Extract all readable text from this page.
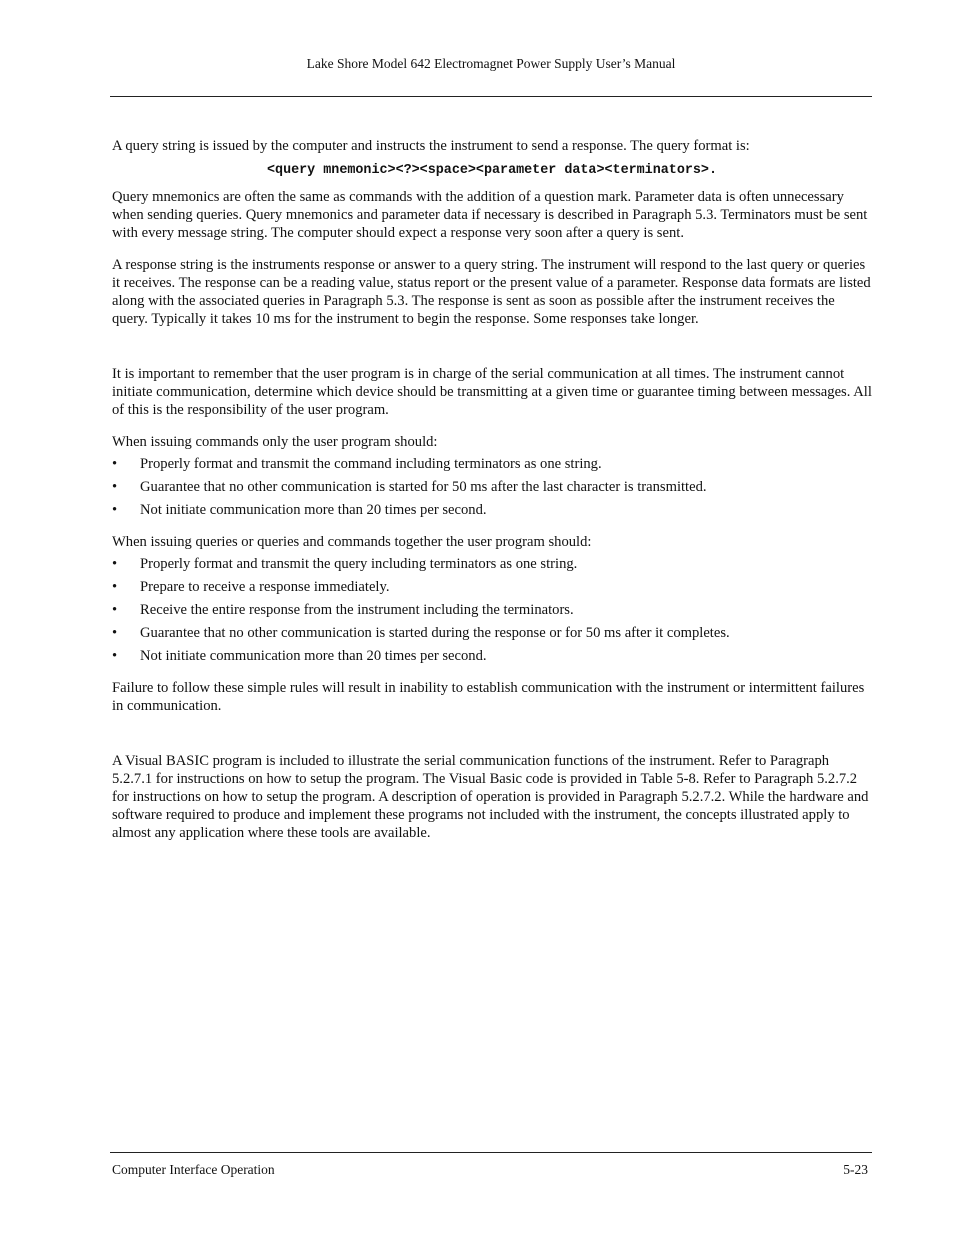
Lake Shore Model 642 Electromagnet Power Supply User’s Manual

A query string is issued by the computer and instructs the instrument to send a response. The query format is:

<query mnemonic><?><space><parameter data><terminators>.

Query mnemonics are often the same as commands with the addition of a question mark. Parameter data is often unnecessary when sending queries. Query mnemonics and parameter data if necessary is described in Paragraph 5.3. Terminators must be sent with every message string. The computer should expect a response very soon after a query is sent.

A response string is the instruments response or answer to a query string. The instrument will respond to the last query or queries it receives. The response can be a reading value, status report or the present value of a parameter. Response data formats are listed along with the associated queries in Paragraph 5.3. The response is sent as soon as possible after the instrument receives the query. Typically it takes 10 ms for the instrument to begin the response. Some responses take longer.

It is important to remember that the user program is in charge of the serial communication at all times. The instrument cannot initiate communication, determine which device should be transmitting at a given time or guarantee timing between messages. All of this is the responsibility of the user program.

When issuing commands only the user program should:

• Properly format and transmit the command including terminators as one string.
• Guarantee that no other communication is started for 50 ms after the last character is transmitted.
• Not initiate communication more than 20 times per second.

When issuing queries or queries and commands together the user program should:

• Properly format and transmit the query including terminators as one string.
• Prepare to receive a response immediately.
• Receive the entire response from the instrument including the terminators.
• Guarantee that no other communication is started during the response or for 50 ms after it completes.
• Not initiate communication more than 20 times per second.

Failure to follow these simple rules will result in inability to establish communication with the instrument or intermittent failures in communication.

A Visual BASIC program is included to illustrate the serial communication functions of the instrument. Refer to Paragraph 5.2.7.1 for instructions on how to setup the program. The Visual Basic code is provided in Table 5-8. Refer to Paragraph 5.2.7.2 for instructions on how to setup the program. A description of operation is provided in Paragraph 5.2.7.2. While the hardware and software required to produce and implement these programs not included with the instrument, the concepts illustrated apply to almost any application where these tools are available.

Computer Interface Operation	5-23
